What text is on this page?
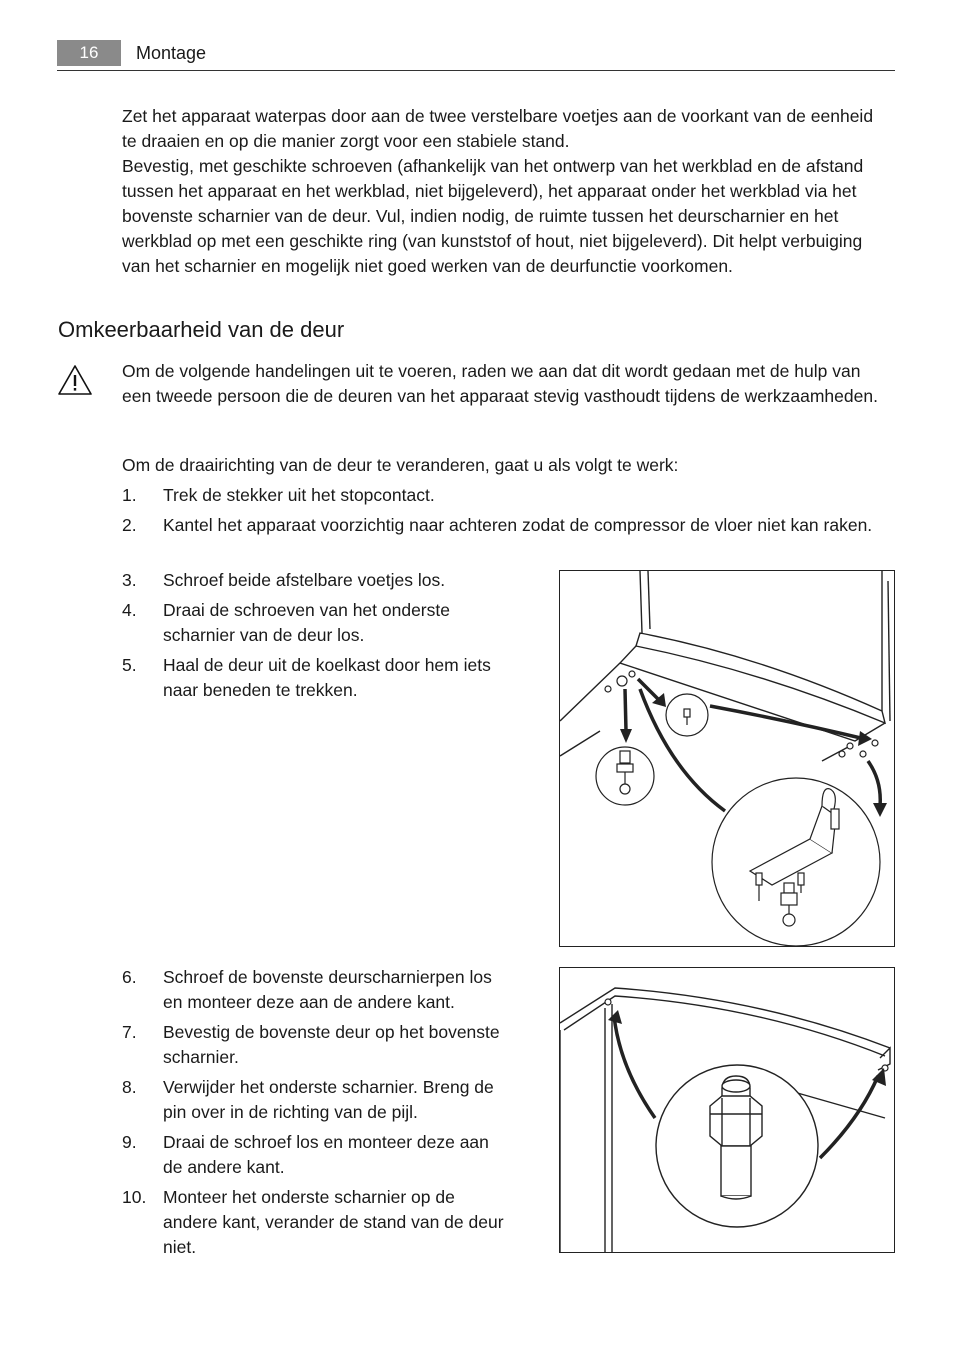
16	Montage

Zet het apparaat waterpas door aan de twee verstelbare voetjes aan de voorkant van de eenheid te draaien en op die manier zorgt voor een stabiele stand.

Bevestig, met geschikte schroeven (afhankelijk van het ontwerp van het werkblad en de afstand tussen het apparaat en het werkblad, niet bijgeleverd), het apparaat onder het werkblad via het bovenste scharnier van de deur. Vul, indien nodig, de ruimte tussen het deurscharnier en het werkblad op met een geschikte ring (van kunststof of hout, niet bijgeleverd). Dit helpt verbuiging van het scharnier en mogelijk niet goed werken van de deurfunctie voorkomen.

Omkeerbaarheid van de deur
Om de volgende handelingen uit te voeren, raden we aan dat dit wordt gedaan met de hulp van een tweede persoon die de deuren van het apparaat stevig vasthoudt tijdens de werkzaamheden.
Om de draairichting van de deur te veranderen, gaat u als volgt te werk:
1. Trek de stekker uit het stopcontact.
2. Kantel het apparaat voorzichtig naar achteren zodat de compressor de vloer niet kan raken.
3. Schroef beide afstelbare voetjes los.
4. Draai de schroeven van het onderste scharnier van de deur los.
5. Haal de deur uit de koelkast door hem iets naar beneden te trekken.
6. Schroef de bovenste deurscharnierpen los en monteer deze aan de andere kant.
7. Bevestig de bovenste deur op het bovenste scharnier.
8. Verwijder het onderste scharnier. Breng de pin over in de richting van de pijl.
9. Draai de schroef los en monteer deze aan de andere kant.
10. Monteer het onderste scharnier op de andere kant, verander de stand van de deur niet.
